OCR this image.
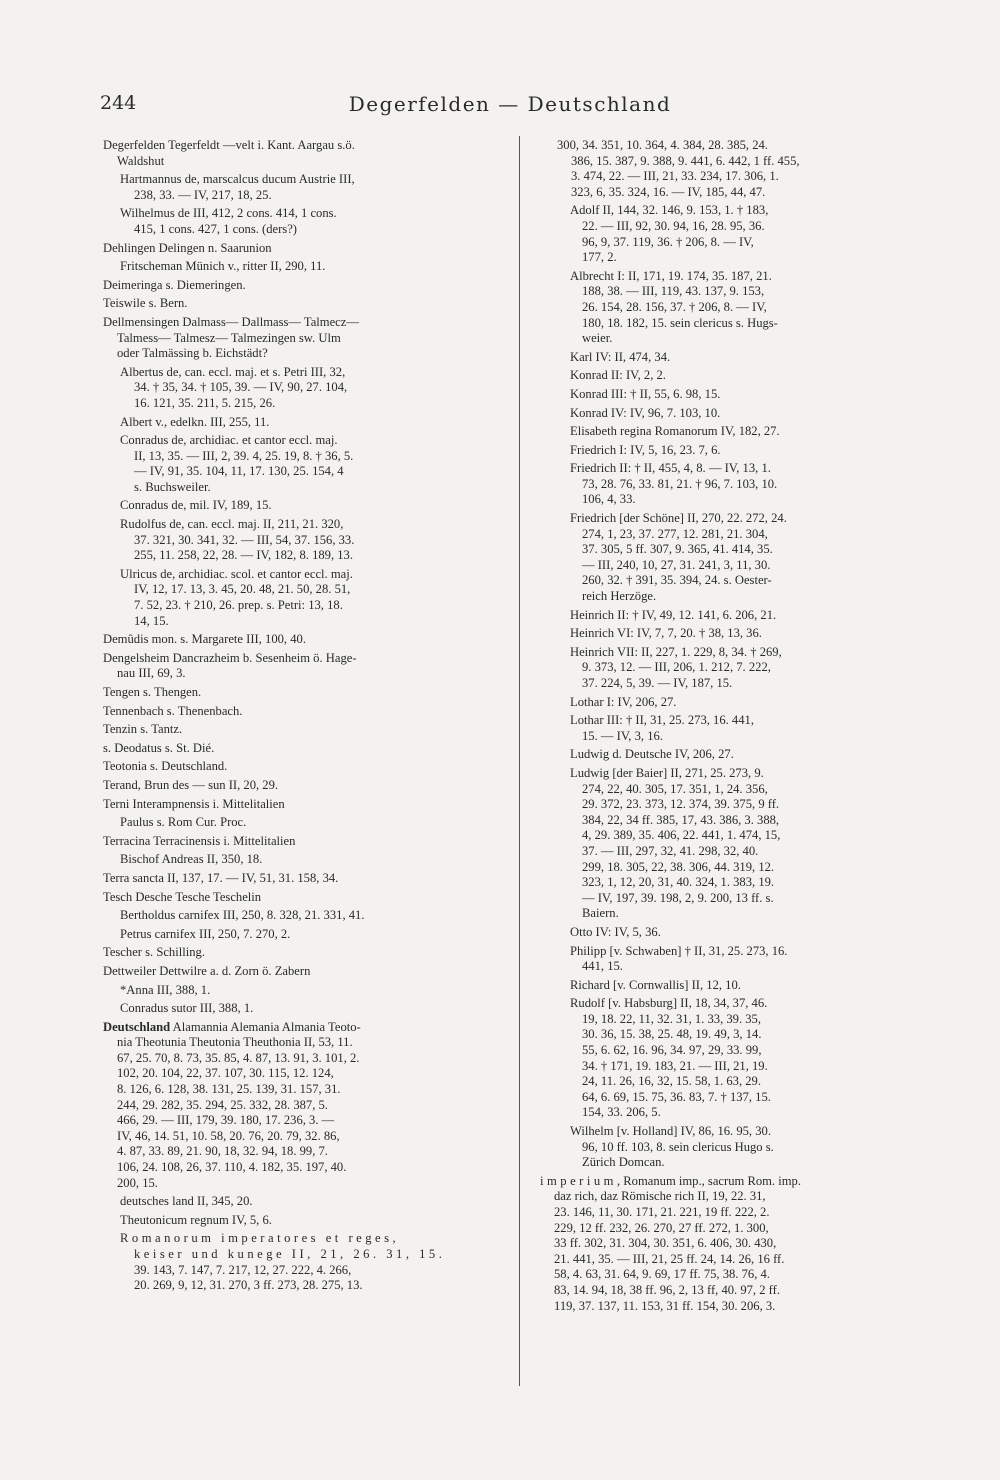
244	Degerfelden — Deutschland
Degerfelden Tegerfeldt —velt i. Kant. Aargau s.ö.
Waldshut
Hartmannus de, marscalcus ducum Austrie III,
238, 33. — IV, 217, 18, 25.
Wilhelmus de III, 412, 2 cons. 414, 1 cons.
415, 1 cons. 427, 1 cons. (ders?)
Dehlingen Delingen n. Saarunion
Fritscheman Münich v., ritter II, 290, 11.
Deimeringa s. Diemeringen.
Teiswile s. Bern.
Dellmensingen Dalmass— Dallmass— Talmecz—
Talmess— Talmesz— Talmezingen sw. Ulm
oder Talmässing b. Eichstädt?
Albertus de, can. eccl. maj. et s. Petri III, 32,
34. † 35, 34. † 105, 39. — IV, 90, 27. 104,
16. 121, 35. 211, 5. 215, 26.
Albert v., edelkn. III, 255, 11.
Conradus de, archidiac. et cantor eccl. maj.
II, 13, 35. — III, 2, 39. 4, 25. 19, 8. † 36, 5.
— IV, 91, 35. 104, 11, 17. 130, 25. 154, 4
s. Buchsweiler.
Conradus de, mil. IV, 189, 15.
Rudolfus de, can. eccl. maj. II, 211, 21. 320,
37. 321, 30. 341, 32. — III, 54, 37. 156, 33.
255, 11. 258, 22, 28. — IV, 182, 8. 189, 13.
Ulricus de, archidiac. scol. et cantor eccl. maj.
IV, 12, 17. 13, 3. 45, 20. 48, 21. 50, 28. 51,
7. 52, 23. † 210, 26. prep. s. Petri: 13, 18.
14, 15.
Demûdis mon. s. Margarete III, 100, 40.
Dengelsheim Dancrazheim b. Sesenheim ö. Hage-
nau III, 69, 3.
Tengen s. Thengen.
Tennenbach s. Thenenbach.
Tenzin s. Tantz.
s. Deodatus s. St. Dié.
Teotonia s. Deutschland.
Terand, Brun des — sun II, 20, 29.
Terni Interampnensis i. Mittelitalien
Paulus s. Rom Cur. Proc.
Terracina Terracinensis i. Mittelitalien
Bischof Andreas II, 350, 18.
Terra sancta II, 137, 17. — IV, 51, 31. 158, 34.
Tesch Desche Tesche Teschelin
Bertholdus carnifex III, 250, 8. 328, 21. 331, 41.
Petrus carnifex III, 250, 7. 270, 2.
Tescher s. Schilling.
Dettweiler Dettwilre a. d. Zorn ö. Zabern
*Anna III, 388, 1.
Conradus sutor III, 388, 1.
Deutschland Alamannia Alemania Almania Teoto-
nia Theotunia Theutonia Theuthonia II, 53, 11.
67, 25. 70, 8. 73, 35. 85, 4. 87, 13. 91, 3. 101, 2.
102, 20. 104, 22, 37. 107, 30. 115, 12. 124,
8. 126, 6. 128, 38. 131, 25. 139, 31. 157, 31.
244, 29. 282, 35. 294, 25. 332, 28. 387, 5.
466, 29. — III, 179, 39. 180, 17. 236, 3. —
IV, 46, 14. 51, 10. 58, 20. 76, 20. 79, 32. 86,
4. 87, 33. 89, 21. 90, 18, 32. 94, 18. 99, 7.
106, 24. 108, 26, 37. 110, 4. 182, 35. 197, 40.
200, 15.
deutsches land II, 345, 20.
Theutonicum regnum IV, 5, 6.
Romanorum imperatores et reges,
keiser und kunege II, 21, 26. 31, 15.
39. 143, 7. 147, 7. 217, 12, 27. 222, 4. 266,
20. 269, 9, 12, 31. 270, 3 ff. 273, 28. 275, 13.
300, 34. 351, 10. 364, 4. 384, 28. 385, 24.
386, 15. 387, 9. 388, 9. 441, 6. 442, 1 ff. 455,
3. 474, 22. — III, 21, 33. 234, 17. 306, 1.
323, 6, 35. 324, 16. — IV, 185, 44, 47.
Adolf II, 144, 32. 146, 9. 153, 1. † 183,
22. — III, 92, 30. 94, 16, 28. 95, 36.
96, 9, 37. 119, 36. † 206, 8. — IV,
177, 2.
Albrecht I: II, 171, 19. 174, 35. 187, 21.
188, 38. — III, 119, 43. 137, 9. 153,
26. 154, 28. 156, 37. † 206, 8. — IV,
180, 18. 182, 15. sein clericus s. Hugs-
weier.
Karl IV: II, 474, 34.
Konrad II: IV, 2, 2.
Konrad III: † II, 55, 6. 98, 15.
Konrad IV: IV, 96, 7. 103, 10.
Elisabeth regina Romanorum IV, 182, 27.
Friedrich I: IV, 5, 16, 23. 7, 6.
Friedrich II: † II, 455, 4, 8. — IV, 13, 1.
73, 28. 76, 33. 81, 21. † 96, 7. 103, 10.
106, 4, 33.
Friedrich [der Schöne] II, 270, 22. 272, 24.
274, 1, 23, 37. 277, 12. 281, 21. 304,
37. 305, 5 ff. 307, 9. 365, 41. 414, 35.
— III, 240, 10, 27, 31. 241, 3, 11, 30.
260, 32. † 391, 35. 394, 24. s. Oester-
reich Herzöge.
Heinrich II: † IV, 49, 12. 141, 6. 206, 21.
Heinrich VI: IV, 7, 7, 20. † 38, 13, 36.
Heinrich VII: II, 227, 1. 229, 8, 34. † 269,
9. 373, 12. — III, 206, 1. 212, 7. 222,
37. 224, 5, 39. — IV, 187, 15.
Lothar I: IV, 206, 27.
Lothar III: † II, 31, 25. 273, 16. 441,
15. — IV, 3, 16.
Ludwig d. Deutsche IV, 206, 27.
Ludwig [der Baier] II, 271, 25. 273, 9.
274, 22, 40. 305, 17. 351, 1, 24. 356,
29. 372, 23. 373, 12. 374, 39. 375, 9 ff.
384, 22, 34 ff. 385, 17, 43. 386, 3. 388,
4, 29. 389, 35. 406, 22. 441, 1. 474, 15,
37. — III, 297, 32, 41. 298, 32, 40.
299, 18. 305, 22, 38. 306, 44. 319, 12.
323, 1, 12, 20, 31, 40. 324, 1. 383, 19.
— IV, 197, 39. 198, 2, 9. 200, 13 ff. s.
Baiern.
Otto IV: IV, 5, 36.
Philipp [v. Schwaben] † II, 31, 25. 273, 16.
441, 15.
Richard [v. Cornwallis] II, 12, 10.
Rudolf [v. Habsburg] II, 18, 34, 37, 46.
19, 18. 22, 11, 32. 31, 1. 33, 39. 35,
30. 36, 15. 38, 25. 48, 19. 49, 3, 14.
55, 6. 62, 16. 96, 34. 97, 29, 33. 99,
34. † 171, 19. 183, 21. — III, 21, 19.
24, 11. 26, 16, 32, 15. 58, 1. 63, 29.
64, 6. 69, 15. 75, 36. 83, 7. † 137, 15.
154, 33. 206, 5.
Wilhelm [v. Holland] IV, 86, 16. 95, 30.
96, 10 ff. 103, 8. sein clericus Hugo s.
Zürich Domcan.
imperium, Romanum imp., sacrum Rom. imp.
daz rich, daz Römische rich II, 19, 22. 31,
23. 146, 11, 30. 171, 21. 221, 19 ff. 222, 2.
229, 12 ff. 232, 26. 270, 27 ff. 272, 1. 300,
33 ff. 302, 31. 304, 30. 351, 6. 406, 30. 430,
21. 441, 35. — III, 21, 25 ff. 24, 14. 26, 16 ff.
58, 4. 63, 31. 64, 9. 69, 17 ff. 75, 38. 76, 4.
83, 14. 94, 18, 38 ff. 96, 2, 13 ff, 40. 97, 2 ff.
119, 37. 137, 11. 153, 31 ff. 154, 30. 206, 3.
